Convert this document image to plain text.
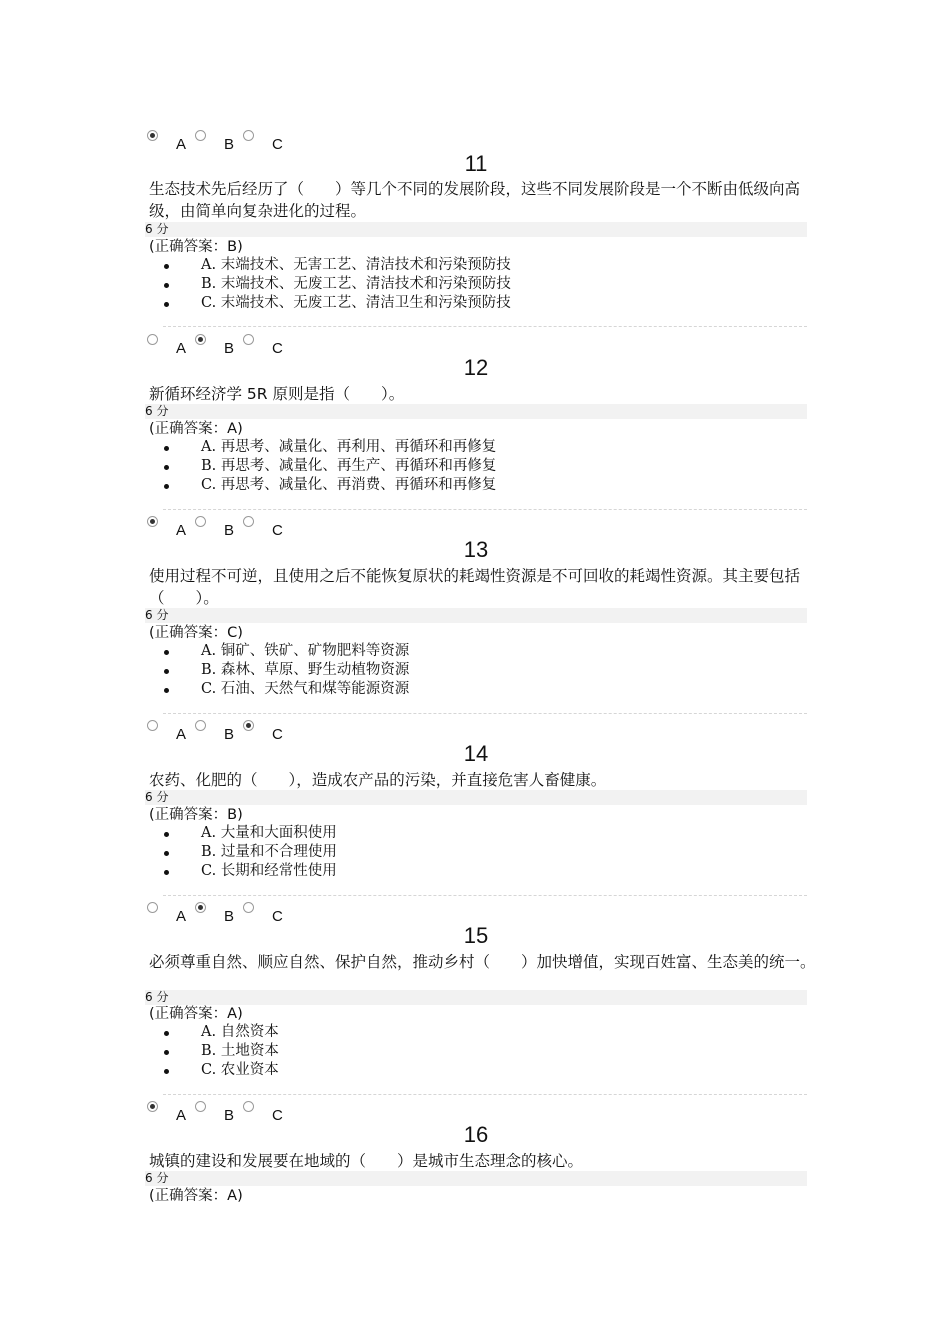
A	B	C
11
生态技术先后经历了（　　）等几个不同的发展阶段，这些不同发展阶段是一个不断由低级向高级，由简单向复杂进化的过程。
6 分
(正确答案：B)
A. 末端技术、无害工艺、清洁技术和污染预防技
B. 末端技术、无废工艺、清洁技术和污染预防技
C. 末端技术、无废工艺、清洁卫生和污染预防技
A	B	C
12
新循环经济学 5R 原则是指（　　）。
6 分
(正确答案：A)
A. 再思考、减量化、再利用、再循环和再修复
B. 再思考、减量化、再生产、再循环和再修复
C. 再思考、减量化、再消费、再循环和再修复
A	B	C
13
使用过程不可逆，且使用之后不能恢复原状的耗竭性资源是不可回收的耗竭性资源。其主要包括（　　）。
6 分
(正确答案：C)
A. 铜矿、铁矿、矿物肥料等资源
B. 森林、草原、野生动植物资源
C. 石油、天然气和煤等能源资源
A	B	C
14
农药、化肥的（　　），造成农产品的污染，并直接危害人畜健康。
6 分
(正确答案：B)
A. 大量和大面积使用
B. 过量和不合理使用
C. 长期和经常性使用
A	B	C
15
必须尊重自然、顺应自然、保护自然，推动乡村（　　）加快增值，实现百姓富、生态美的统一。
6 分
(正确答案：A)
A. 自然资本
B. 土地资本
C. 农业资本
A	B	C
16
城镇的建设和发展要在地域的（　　）是城市生态理念的核心。
6 分
(正确答案：A)
